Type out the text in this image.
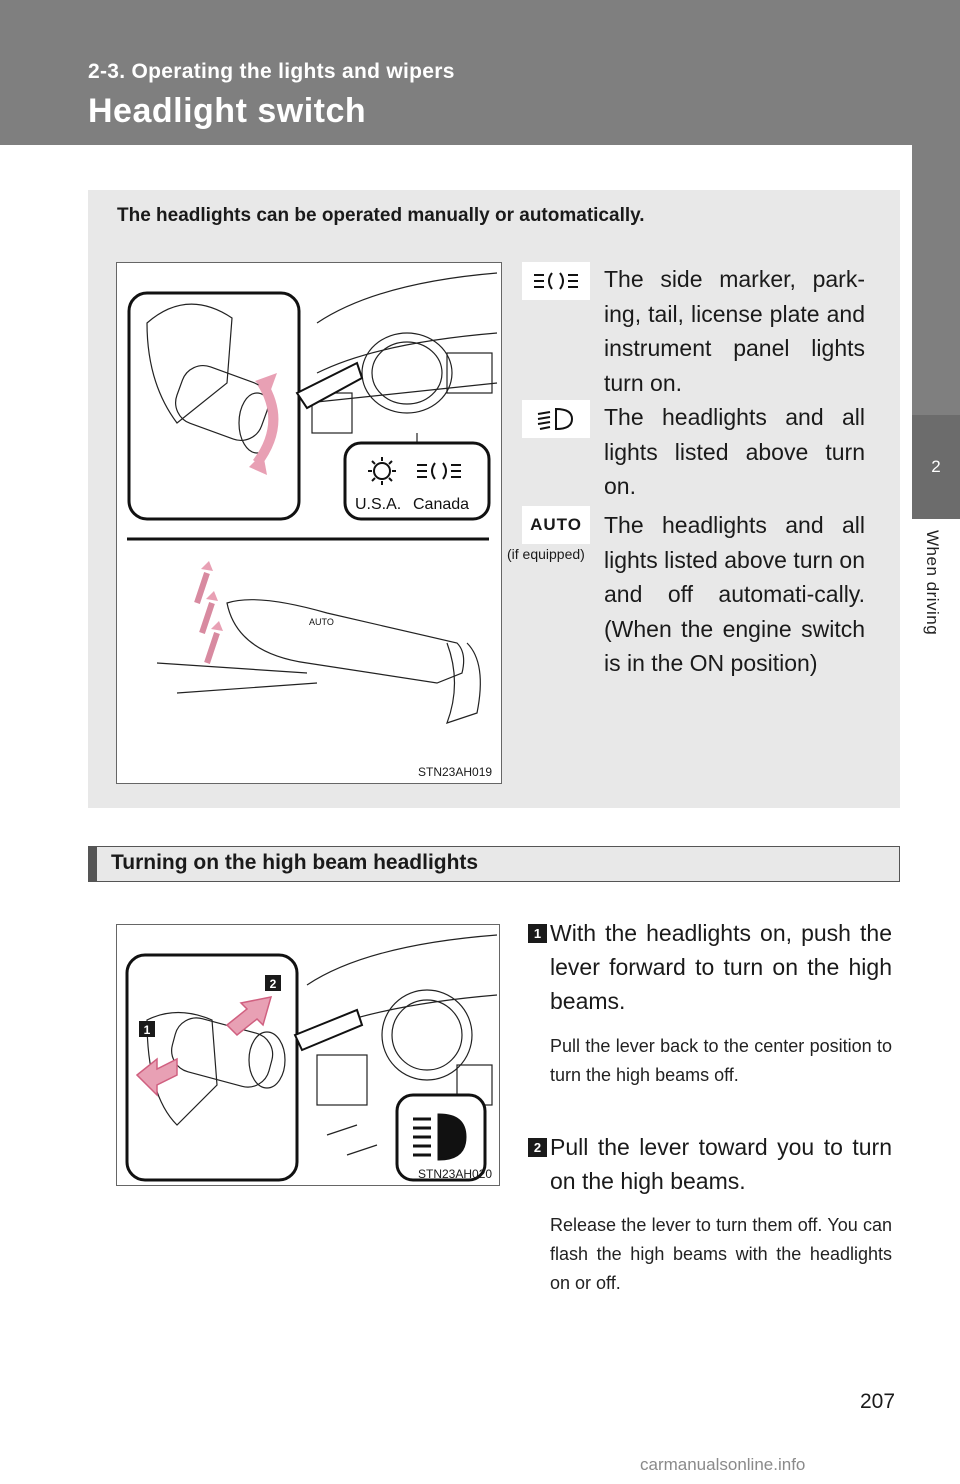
2-3. Operating the lights and wipers
Headlight switch
2
When driving
The headlights can be operated manually or automatically.
U.S.A. Canada
AUTO
STN23AH019
The side marker, park-ing, tail, license plate and instrument panel lights turn on.
The headlights and all lights listed above turn on.
AUTO
(if equipped)
The headlights and all lights listed above turn on and off automati-cally. (When the engine switch is in the ON position)
Turning on the high beam headlights
1
2
STN23AH020
1 With the headlights on, push the lever forward to turn on the high beams.
Pull the lever back to the center position to turn the high beams off.
2 Pull the lever toward you to turn on the high beams.
Release the lever to turn them off. You can flash the high beams with the headlights on or off.
207
carmanualsonline.info
